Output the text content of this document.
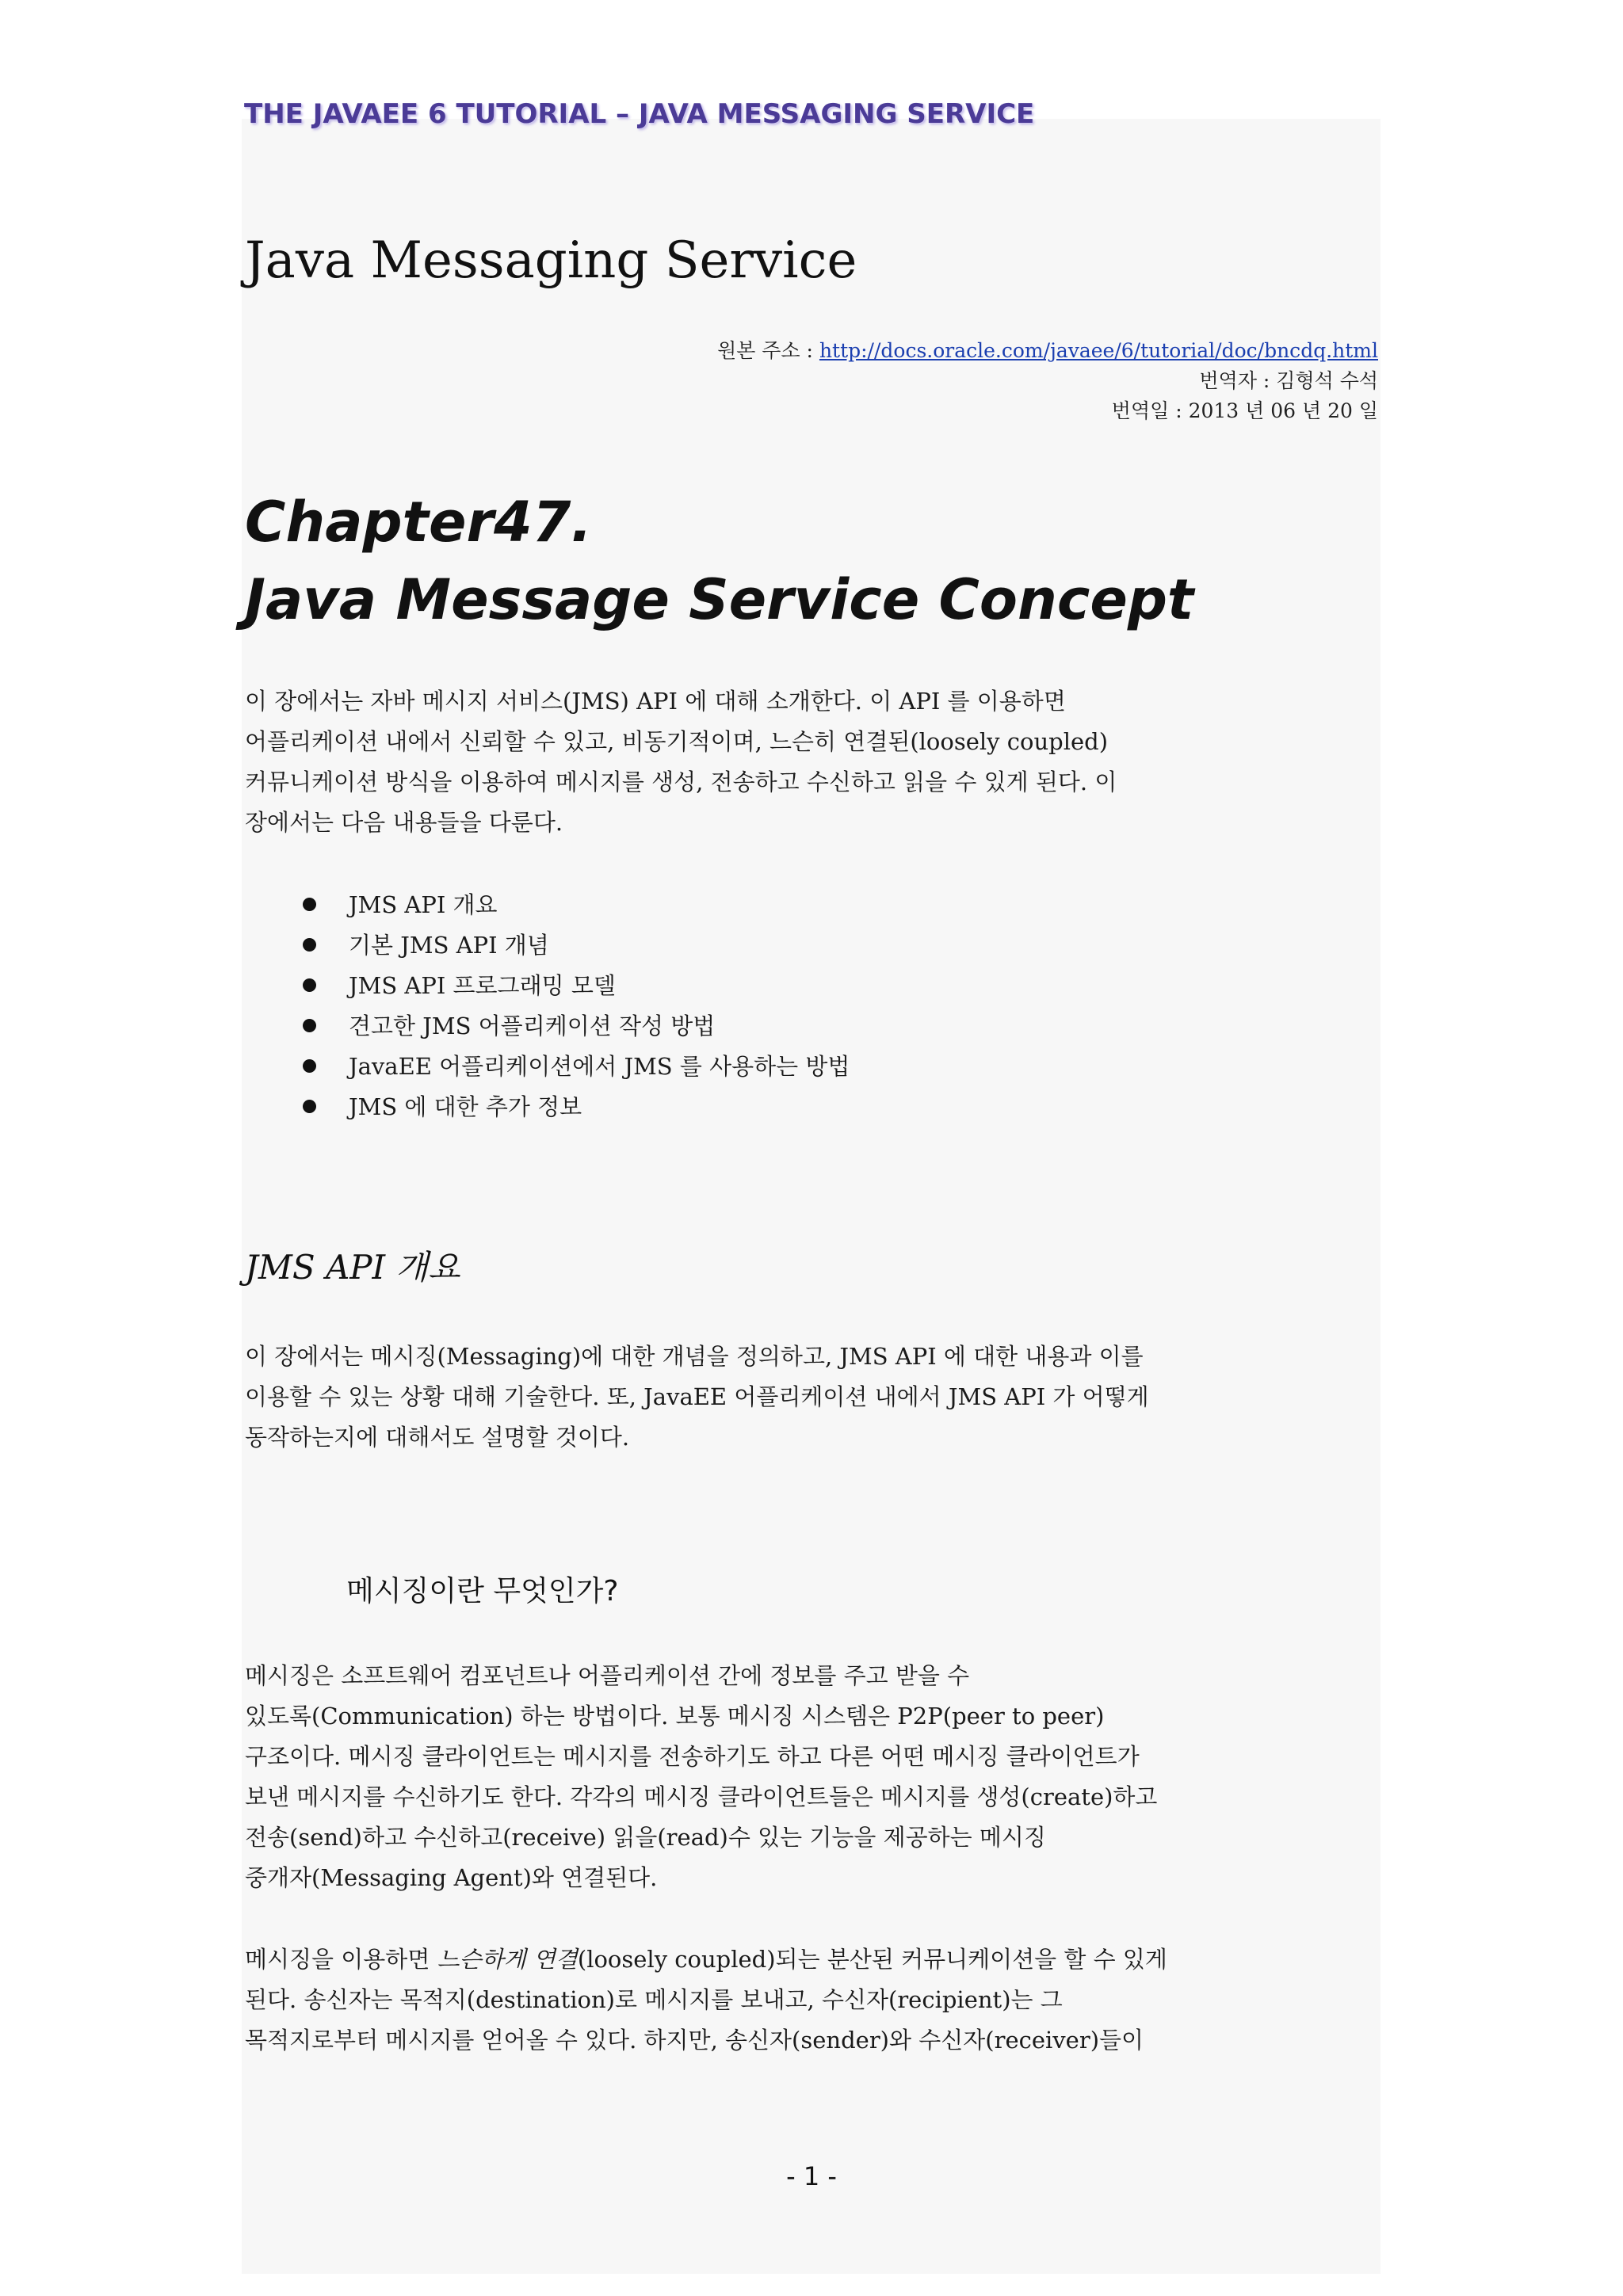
THE JAVAEE 6 TUTORIAL – JAVA MESSAGING SERVICE
Java Messaging Service
원본 주소 : http://docs.oracle.com/javaee/6/tutorial/doc/bncdq.html
번역자 : 김형석 수석
번역일 : 2013 년 06 년 20 일
Chapter47.
Java Message Service Concept
이 장에서는 자바 메시지 서비스(JMS) API 에 대해 소개한다. 이 API 를 이용하면
어플리케이션 내에서 신뢰할 수 있고, 비동기적이며, 느슨히 연결된(loosely coupled)
커뮤니케이션 방식을 이용하여 메시지를 생성, 전송하고 수신하고 읽을 수 있게 된다. 이
장에서는 다음 내용들을 다룬다.
JMS API 개요
기본 JMS API 개념
JMS API 프로그래밍 모델
견고한 JMS 어플리케이션 작성 방법
JavaEE 어플리케이션에서 JMS 를 사용하는 방법
JMS 에 대한 추가 정보
JMS API 개요
이 장에서는 메시징(Messaging)에 대한 개념을 정의하고, JMS API 에 대한 내용과 이를
이용할 수 있는 상황 대해 기술한다. 또, JavaEE 어플리케이션 내에서 JMS API 가 어떻게
동작하는지에 대해서도 설명할 것이다.
메시징이란 무엇인가?
메시징은 소프트웨어 컴포넌트나 어플리케이션 간에 정보를 주고 받을 수
있도록(Communication) 하는 방법이다. 보통 메시징 시스템은 P2P(peer to peer)
구조이다. 메시징 클라이언트는 메시지를 전송하기도 하고 다른 어떤 메시징 클라이언트가
보낸 메시지를 수신하기도 한다. 각각의 메시징 클라이언트들은 메시지를 생성(create)하고
전송(send)하고 수신하고(receive) 읽을(read)수 있는 기능을 제공하는 메시징
중개자(Messaging Agent)와 연결된다.
메시징을 이용하면 느슨하게 연결(loosely coupled)되는 분산된 커뮤니케이션을 할 수 있게
된다. 송신자는 목적지(destination)로 메시지를 보내고, 수신자(recipient)는 그
목적지로부터 메시지를 얻어올 수 있다. 하지만, 송신자(sender)와 수신자(receiver)들이
- 1 -
